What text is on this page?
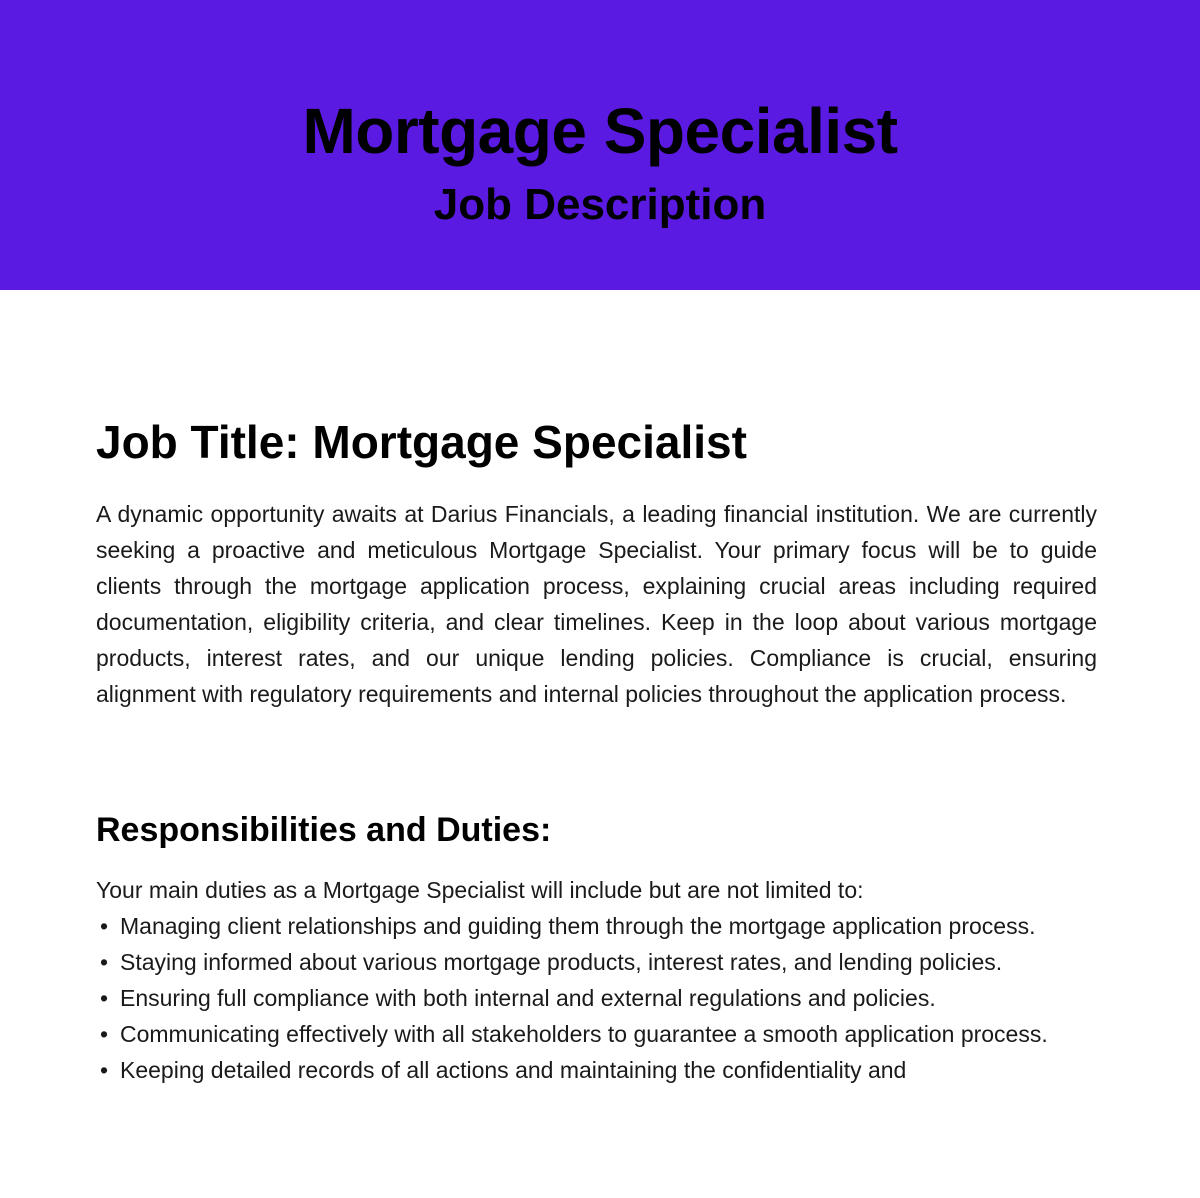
Mortgage Specialist
Job Description
Job Title: Mortgage Specialist

A dynamic opportunity awaits at Darius Financials, a leading financial institution. We are currently seeking a proactive and meticulous Mortgage Specialist. Your primary focus will be to guide clients through the mortgage application process, explaining crucial areas including required documentation, eligibility criteria, and clear timelines. Keep in the loop about various mortgage products, interest rates, and our unique lending policies. Compliance is crucial, ensuring alignment with regulatory requirements and internal policies throughout the application process.

Responsibilities and Duties:

Your main duties as a Mortgage Specialist will include but are not limited to:

• Managing client relationships and guiding them through the mortgage application process.
• Staying informed about various mortgage products, interest rates, and lending policies.
• Ensuring full compliance with both internal and external regulations and policies.
• Communicating effectively with all stakeholders to guarantee a smooth application process.
• Keeping detailed records of all actions and maintaining the confidentiality and
